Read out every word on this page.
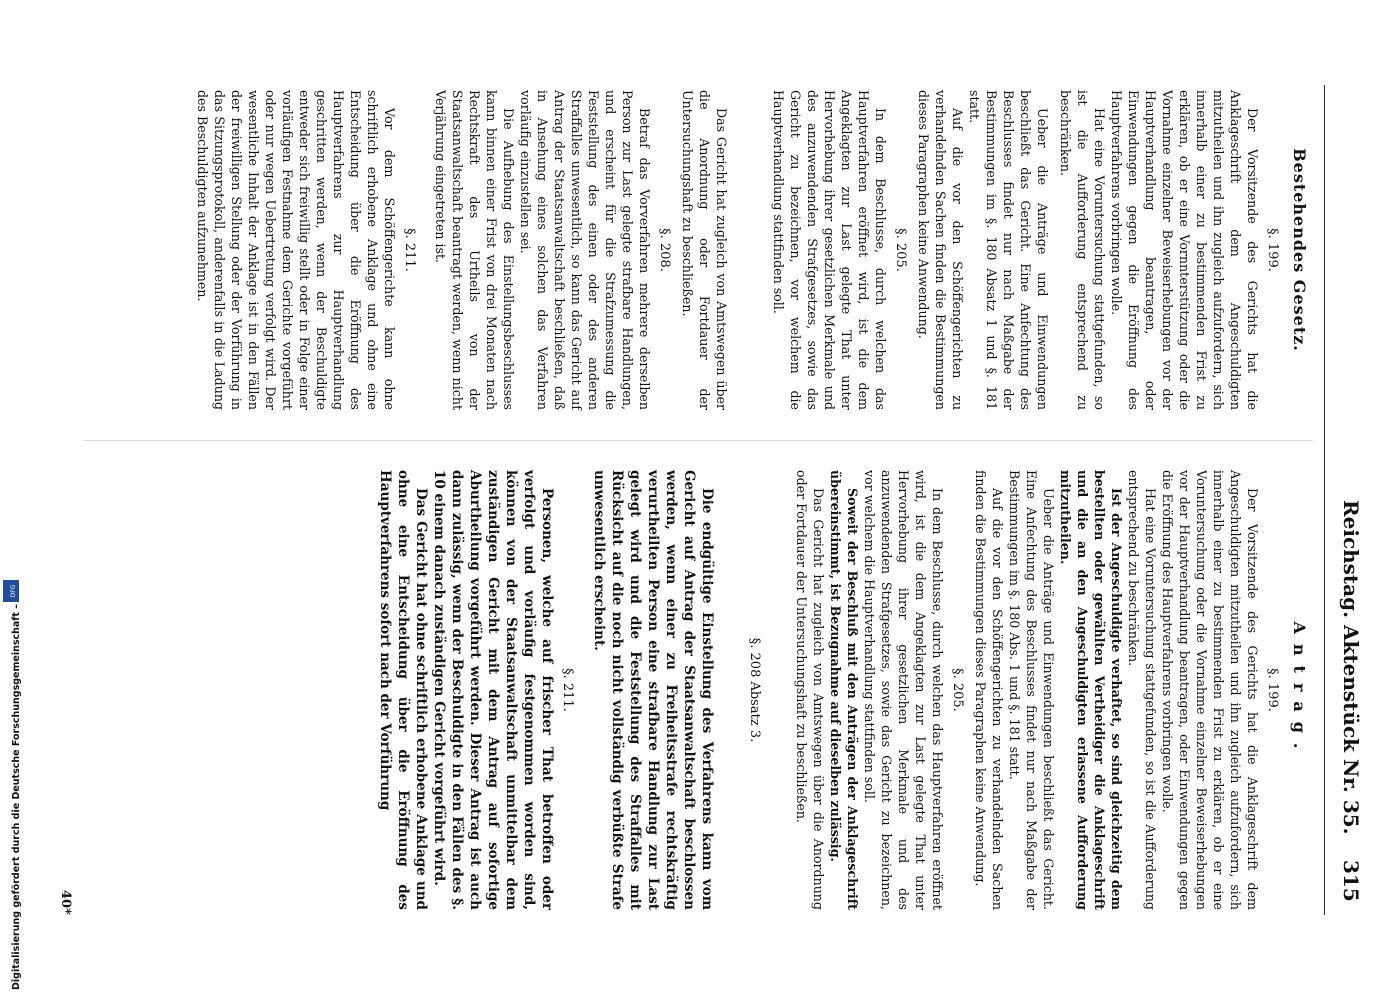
Reichstag. Aktenstück Nr. 35.
315
Bestehendes Gesetz.
§. 199.

Der Vorsitzende des Gerichts hat die Anklageschrift dem Angeschuldigten mitzutheilen und ihn zugleich aufzufordern, sich innerhalb einer zu bestimmenden Frist zu erklären, ob er eine Vornnterstützung oder die Vornahme einzelner Beweiserhebungen vor der Hauptverhandlung beantragen, oder Einwendungen gegen die Eröffnung des Hauptverfahrens vorbringen wolle.

Hat eine Voruntersuchung stattgefunden, so ist die Aufforderung entsprechend zu beschränken.

Ueber die Anträge und Einwendungen beschließt das Gericht. Eine Anfechtung des Beschlusses findet nur nach Maßgabe der Bestimmungen im §. 180 Absatz 1 und §. 181 statt.

Auf die vor den Schöffengerichten zu verhandelnden Sachen finden die Bestimmungen dieses Paragraphen keine Anwendung.

§. 205.

In dem Beschlusse, durch welchen das Hauptverfahren eröffnet wird, ist die dem Angeklagten zur Last gelegte That unter Hervorhebung ihrer gesetzlichen Merkmale und des anzuwendenden Strafgesetzes, sowie das Gericht zu bezeichnen, vor welchem die Hauptverhandlung stattfinden soll.

Das Gericht hat zugleich von Amtswegen über die Anordnung oder Fortdauer der Untersuchungshaft zu beschließen.

§. 208.

Betraf das Vorverfahren mehrere derselben Person zur Last gelegte strafbare Handlungen, und erscheint für die Strafzumessung die Feststellung des einen oder des anderen Straffalles unwesentlich, so kann das Gericht auf Antrag der Staatsanwaltschaft beschließen, daß in Ansehung eines solchen das Verfahren vorläufig einzustellen sei.

Die Aufhebung des Einstellungsbeschlusses kann binnen einer Frist von drei Monaten nach Rechtskraft des Urtheils von der Staatsanwaltschaft beantragt werden, wenn nicht Verjährung eingetreten ist.

§. 211.

Vor dem Schöffengerichte kann ohne schriftlich erhobene Anklage und ohne eine Entscheidung über die Eröffnung des Hauptverfahrens zur Hauptverhandlung geschritten werden, wenn der Beschuldigte entweder sich freiwillig stellt oder in Folge einer vorläufigen Festnahme dem Gerichte vorgeführt oder nur wegen Uebertretung verfolgt wird. Der wesentliche Inhalt der Anklage ist in den Fällen der freiwilligen Stellung oder der Vorführung in das Sitzungsprotokoll, anderenfalls in die Ladung des Beschuldigten aufzunehmen.

Antrag.
§. 199.

Der Vorsitzende des Gerichts hat die Anklageschrift dem Angeschuldigten mitzutheilen und ihn zugleich aufzufordern, sich innerhalb einer zu bestimmenden Frist zu erklären, ob er eine Voruntersuchung oder die Vornahme einzelner Beweiserhebungen vor der Hauptverhandlung beantragen, oder Einwendungen gegen die Eröffnung des Hauptverfahrens vorbringen wolle.

Hat eine Voruntersuchung stattgefunden, so ist die Aufforderung entsprechend zu beschränken.

Ist der Angeschuldigte verhaftet, so sind gleichzeitig dem bestellten oder gewählten Vertheidiger die Anklageschrift und die an den Angeschuldigten erlassene Aufforderung mitzutheilen.

Ueber die Anträge und Einwendungen beschließt das Gericht. Eine Anfechtung des Beschlusses findet nur nach Maßgabe der Bestimmungen im §. 180 Abs. 1 und §. 181 statt.

Auf die vor den Schöffengerichten zu verhandelnden Sachen finden die Bestimmungen dieses Paragraphen keine Anwendung.

§. 205.

In dem Beschlusse, durch welchen das Hauptverfahren eröffnet wird, ist die dem Angeklagten zur Last gelegte That unter Hervorhebung ihrer gesetzlichen Merkmale und des anzuwendenden Strafgesetzes, sowie das Gericht zu bezeichnen, vor welchem die Hauptverhandlung stattfinden soll.

Soweit der Beschluß mit den Anträgen der Anklageschrift übereinstimmt, ist Bezugnahme auf dieselben zulässig.

Das Gericht hat zugleich von Amtswegen über die Anordnung oder Fortdauer der Untersuchungshaft zu beschließen.

§. 208 Absatz 3.

Die endgültige Einstellung des Verfahrens kann vom Gericht auf Antrag der Staatsanwaltschaft beschlossen werden, wenn einer zu Freiheitsstrafe rechtskräftig verurtheilten Person eine strafbare Handlung zur Last gelegt wird und die Feststellung des Straffalles mit Rücksicht auf die noch nicht vollständig verbüßte Strafe unwesentlich erscheint.

§. 211.

Personen, welche auf frischer That betroffen oder verfolgt und vorläufig festgenommen worden sind, können von der Staatsanwaltschaft unmittelbar dem zuständigen Gericht mit dem Antrag auf sofortige Aburtheilung vorgeführt werden. Dieser Antrag ist auch dann zulässig, wenn der Beschuldigte in den Fällen des §. 10 einem danach zuständigen Gericht vorgeführt wird.

Das Gericht hat ohne schriftlich erhobene Anklage und ohne eine Entscheidung über die Eröffnung des Hauptverfahrens sofort nach der Vorführung

40*
DFG
Digitalisierung gefördert durch die Deutsche Forschungsgemeinschaft –
